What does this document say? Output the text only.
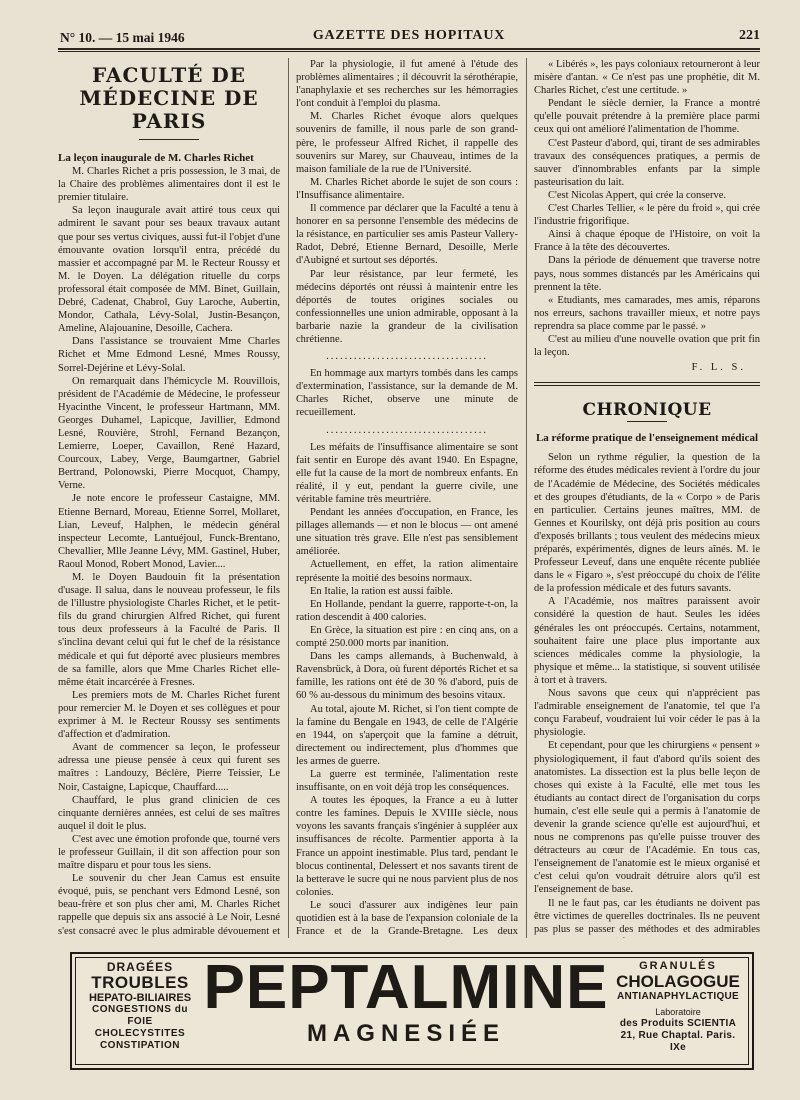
N° 10. — 15 mai 1946	GAZETTE DES HOPITAUX	221
FACULTÉ DE MÉDECINE DE PARIS

La leçon inaugurale de M. Charles Richet

M. Charles Richet a pris possession, le 3 mai, de la Chaire des problèmes alimentaires dont il est le premier titulaire.

Sa leçon inaugurale avait attiré tous ceux qui admirent le savant pour ses beaux travaux autant que pour ses vertus civiques, aussi fut-il l'objet d'une émouvante ovation lorsqu'il entra, précédé du massier et accompagné par M. le Recteur Roussy et M. le Doyen. La délégation rituelle du corps professoral était composée de MM. Binet, Guillain, Debré, Cadenat, Chabrol, Guy Laroche, Aubertin, Mondor, Cathala, Lévy-Solal, Justin-Besançon, Ameline, Alajouanine, Desoille, Cachera.

Dans l'assistance se trouvaient Mme Charles Richet et Mme Edmond Lesné, Mmes Roussy, Sorrel-Dejérine et Lévy-Solal.

On remarquait dans l'hémicycle M. Rouvillois, président de l'Académie de Médecine, le professeur Hyacinthe Vincent, le professeur Hartmann, MM. Georges Duhamel, Lapicque, Javillier, Edmond Lesné, Rouvière, Strohl, Fernand Bezançon, Lemierre, Loeper, Cavaillon, René Hazard, Courcoux, Labey, Verge, Baumgartner, Gabriel Bertrand, Polonowski, Pierre Mocquot, Champy, Verne.

Je note encore le professeur Castaigne, MM. Etienne Bernard, Moreau, Etienne Sorrel, Mollaret, Lian, Leveuf, Halphen, le médecin général inspecteur Lecomte, Lantuéjoul, Funck-Brentano, Chevallier, Mlle Jeanne Lévy, MM. Gastinel, Huber, Raoul Monod, Robert Monod, Lavier....

M. le Doyen Baudouin fit la présentation d'usage. Il salua, dans le nouveau professeur, le fils de l'illustre physiologiste Charles Richet, et le petit-fils du grand chirurgien Alfred Richet, qui furent tous deux professeurs à la Faculté de Paris. Il s'inclina devant celui qui fut le chef de la résistance médicale et qui fut déporté avec plusieurs membres de sa famille, alors que Mme Charles Richet elle-même était incarcérée à Fresnes.

Les premiers mots de M. Charles Richet furent pour remercier M. le Doyen et ses collègues et pour exprimer à M. le Recteur Roussy ses sentiments d'affection et d'admiration.

Avant de commencer sa leçon, le professeur adressa une pieuse pensée à ceux qui furent ses maîtres : Landouzy, Béclère, Pierre Teissier, Le Noir, Castaigne, Lapicque, Chauffard.....

Chauffard, le plus grand clinicien de ces cinquante dernières années, est celui de ses maîtres auquel il doit le plus.

C'est avec une émotion profonde que, tourné vers le professeur Guillain, il dit son affection pour son maître disparu et pour tous les siens.

Le souvenir du cher Jean Camus est ensuite évoqué, puis, se penchant vers Edmond Lesné, son beau-frère et son plus cher ami, M. Charles Richet rappelle que depuis six ans associé à Le Noir, Lesné s'est consacré avec le plus admirable dévouement et

Par la physiologie, il fut amené à l'étude des problèmes alimentaires ; il découvrit la sérothérapie, l'anaphylaxie et ses recherches sur les hémorragies l'ont conduit à l'emploi du plasma.

M. Charles Richet évoque alors quelques souvenirs de famille, il nous parle de son grand-père, le professeur Alfred Richet, il rappelle des souvenirs sur Marey, sur Chauveau, intimes de la maison familiale de la rue de l'Université.

M. Charles Richet aborde le sujet de son cours : l'Insuffisance alimentaire.

Il commence par déclarer que la Faculté a tenu à honorer en sa personne l'ensemble des médecins de la résistance, en particulier ses amis Pasteur Vallery-Radot, Debré, Etienne Bernard, Desoille, Merle d'Aubigné et surtout ses déportés.

Par leur résistance, par leur fermeté, les médecins déportés ont réussi à maintenir entre les déportés de toutes origines sociales ou confessionnelles une union admirable, opposant à la barbarie nazie la grandeur de la civilisation chrétienne.

...................................

En hommage aux martyrs tombés dans les camps d'extermination, l'assistance, sur la demande de M. Charles Richet, observe une minute de recueillement.

...................................

Les méfaits de l'insuffisance alimentaire se sont fait sentir en Europe dès avant 1940. En Espagne, elle fut la cause de la mort de nombreux enfants. En réalité, il y eut, pendant la guerre civile, une véritable famine très meurtrière.

Pendant les années d'occupation, en France, les pillages allemands — et non le blocus — ont amené une situation très grave. Elle n'est pas sensiblement améliorée.

Actuellement, en effet, la ration alimentaire représente la moitié des besoins normaux.

En Italie, la ration est aussi faible.

En Hollande, pendant la guerre, rapporte-t-on, la ration descendit à 400 calories.

En Grèce, la situation est pire : en cinq ans, on a compté 250.000 morts par inanition.

Dans les camps allemands, à Buchenwald, à Ravensbrück, à Dora, où furent déportés Richet et sa famille, les rations ont été de 30 % d'abord, puis de 60 % au-dessous du minimum des besoins vitaux.

Au total, ajoute M. Richet, si l'on tient compte de la famine du Bengale en 1943, de celle de l'Algérie en 1944, on s'aperçoit que la famine a détruit, directement ou indirectement, plus d'hommes que les armes de guerre.

La guerre est terminée, l'alimentation reste insuffisante, on en voit déjà trop les conséquences.

A toutes les époques, la France a eu à lutter contre les famines. Depuis le XVIIIe siècle, nous voyons les savants français s'ingénier à suppléer aux insuffisances de récolte. Parmentier apporta à la France un appoint inestimable. Plus tard, pendant le blocus continental, Delessert et nos savants tirent de la betterave le sucre qui ne nous parvient plus de nos colonies.

Le souci d'assurer aux indigènes leur pain quotidien est à la base de l'expansion coloniale de la France et de la Grande-Bretagne. Les deux

« Libérés », les pays coloniaux retourneront à leur misère d'antan. « Ce n'est pas une prophétie, dit M. Charles Richet, c'est une certitude. »

Pendant le siècle dernier, la France a montré qu'elle pouvait prétendre à la première place parmi ceux qui ont amélioré l'alimentation de l'homme.

C'est Pasteur d'abord, qui, tirant de ses admirables travaux des conséquences pratiques, a permis de sauver d'innombrables enfants par la simple pasteurisation du lait.

C'est Nicolas Appert, qui crée la conserve.

C'est Charles Tellier, « le père du froid », qui crée l'industrie frigorifique.

Ainsi à chaque époque de l'Histoire, on voit la France à la tête des découvertes.

Dans la période de dénuement que traverse notre pays, nous sommes distancés par les Américains qui prennent la tête.

« Etudiants, mes camarades, mes amis, réparons nos erreurs, sachons travailler mieux, et notre pays reprendra sa place comme par le passé. »

C'est au milieu d'une nouvelle ovation que prit fin la leçon.

F. L. S.
CHRONIQUE
La réforme pratique de l'enseignement médical

Selon un rythme régulier, la question de la réforme des études médicales revient à l'ordre du jour de l'Académie de Médecine, des Sociétés médicales et des groupes d'étudiants, de la « Corpo » de Paris en particulier. Certains jeunes maîtres, MM. de Gennes et Kourilsky, ont déjà pris position au cours d'exposés brillants ; tous veulent des médecins mieux préparés, expérimentés, dignes de leurs aînés. M. le Professeur Leveuf, dans une enquête récente publiée dans le « Figaro », s'est préoccupé du choix de l'élite de la profession médicale et des futurs savants.

A l'Académie, nos maîtres paraissent avoir considéré la question de haut. Seules les idées générales les ont préoccupés. Certains, notamment, souhaitent faire une place plus importante aux sciences médicales comme la physiologie, la physique et même... la statistique, si souvent utilisée à tort et à travers.

Nous savons que ceux qui n'apprécient pas l'admirable enseignement de l'anatomie, tel que l'a conçu Farabeuf, voudraient lui voir céder le pas à la physiologie.

Et cependant, pour que les chirurgiens « pensent » physiologiquement, il faut d'abord qu'ils soient des anatomistes. La dissection est la plus belle leçon de choses qui existe à la Faculté, elle met tous les étudiants au contact direct de l'organisation du corps humain, c'est elle seule qui a permis à l'anatomie de devenir la grande science qu'elle est aujourd'hui, et nous ne comprenons pas qu'elle puisse trouver des détracteurs au cœur de l'Académie. En tous cas, l'enseignement de l'anatomie est le mieux organisé et c'est celui qu'on voudrait détruire alors qu'il est l'enseignement de base.

Il ne le faut pas, car les étudiants ne doivent pas être victimes de querelles doctrinales. Ils ne peuvent pas plus se passer des méthodes et des admirables

DRAGÉES
TROUBLES
HEPATO-BILIAIRES
CONGESTIONS du FOIE
CHOLECYSTITES
CONSTIPATION
PEPTALMINE
MAGNESIÉE
GRANULÉS
CHOLAGOGUE
ANTIANAPHYLACTIQUE
Laboratoire
des Produits SCIENTIA
21, Rue Chaptal. Paris. IXe
